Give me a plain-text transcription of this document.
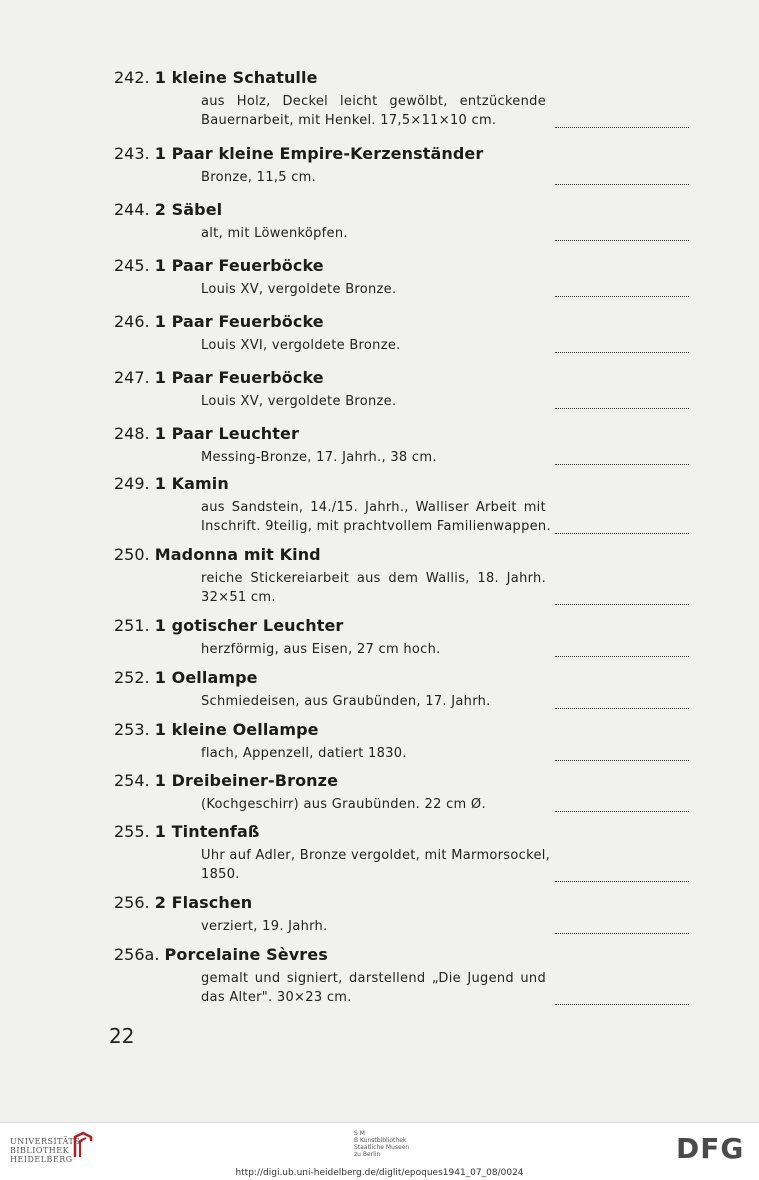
242. 1 kleine Schatulle
aus Holz, Deckel leicht gewölbt, entzückende
Bauernarbeit, mit Henkel. 17,5×11×10 cm.
243. 1 Paar kleine Empire-Kerzenständer
Bronze, 11,5 cm.
244. 2 Säbel
alt, mit Löwenköpfen.
245. 1 Paar Feuerböcke
Louis XV, vergoldete Bronze.
246. 1 Paar Feuerböcke
Louis XVI, vergoldete Bronze.
247. 1 Paar Feuerböcke
Louis XV, vergoldete Bronze.
248. 1 Paar Leuchter
Messing-Bronze, 17. Jahrh., 38 cm.
249. 1 Kamin
aus Sandstein, 14./15. Jahrh., Walliser Arbeit mit
Inschrift. 9teilig, mit prachtvollem Familienwappen.
250. Madonna mit Kind
reiche Stickereiarbeit aus dem Wallis, 18. Jahrh.
32×51 cm.
251. 1 gotischer Leuchter
herzförmig, aus Eisen, 27 cm hoch.
252. 1 Oellampe
Schmiedeisen, aus Graubünden, 17. Jahrh.
253. 1 kleine Oellampe
flach, Appenzell, datiert 1830.
254. 1 Dreibeiner-Bronze
(Kochgeschirr) aus Graubünden. 22 cm Ø.
255. 1 Tintenfaß
Uhr auf Adler, Bronze vergoldet, mit Marmorsockel,
1850.
256. 2 Flaschen
verziert, 19. Jahrh.
256a. Porcelaine Sèvres
gemalt und signiert, darstellend „Die Jugend und
das Alter". 30×23 cm.
22
UNIVERSITÄTS-
BIBLIOTHEK
HEIDELBERG
S M
B Kunstbibliothek
Staatliche Museen
zu Berlin	DFG
http://digi.ub.uni-heidelberg.de/diglit/epoques1941_07_08/0024
